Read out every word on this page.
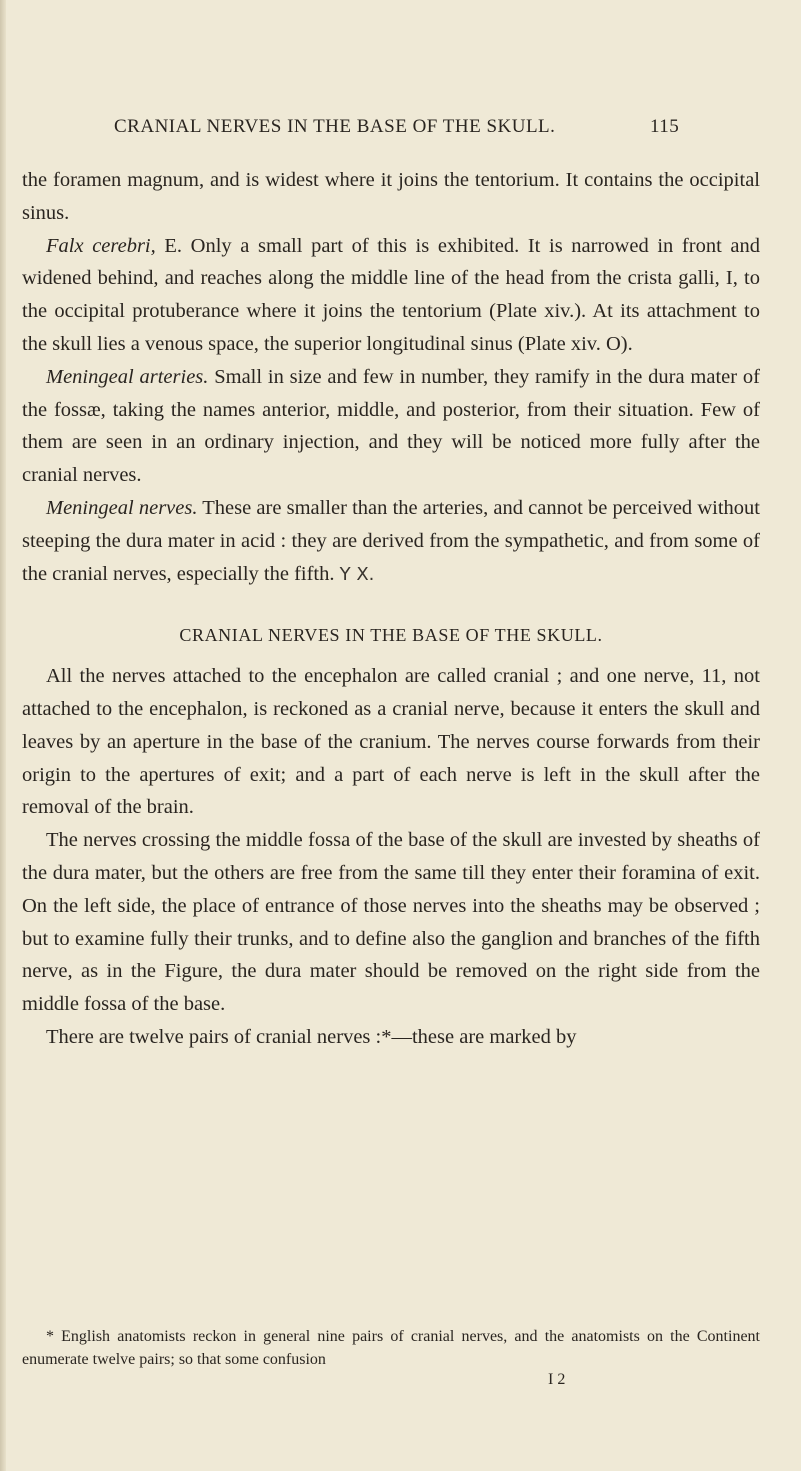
CRANIAL NERVES IN THE BASE OF THE SKULL.	115

the foramen magnum, and is widest where it joins the tentorium. It contains the occipital sinus.

Falx cerebri, E. Only a small part of this is exhibited. It is narrowed in front and widened behind, and reaches along the middle line of the head from the crista galli, I, to the occipital protuberance where it joins the tentorium (Plate xiv.). At its attachment to the skull lies a venous space, the superior longitudinal sinus (Plate xiv. O).

Meningeal arteries. Small in size and few in number, they ramify in the dura mater of the fossæ, taking the names anterior, middle, and posterior, from their situation. Few of them are seen in an ordinary injection, and they will be noticed more fully after the cranial nerves.

Meningeal nerves. These are smaller than the arteries, and cannot be perceived without steeping the dura mater in acid : they are derived from the sympathetic, and from some of the cranial nerves, especially the fifth. Y X.

CRANIAL NERVES IN THE BASE OF THE SKULL.

All the nerves attached to the encephalon are called cranial ; and one nerve, 11, not attached to the encephalon, is reckoned as a cranial nerve, because it enters the skull and leaves by an aperture in the base of the cranium. The nerves course forwards from their origin to the apertures of exit; and a part of each nerve is left in the skull after the removal of the brain.

The nerves crossing the middle fossa of the base of the skull are invested by sheaths of the dura mater, but the others are free from the same till they enter their foramina of exit. On the left side, the place of entrance of those nerves into the sheaths may be observed ; but to examine fully their trunks, and to define also the ganglion and branches of the fifth nerve, as in the Figure, the dura mater should be removed on the right side from the middle fossa of the base.

There are twelve pairs of cranial nerves :*—these are marked by

* English anatomists reckon in general nine pairs of cranial nerves, and the anatomists on the Continent enumerate twelve pairs; so that some confusion

I 2
